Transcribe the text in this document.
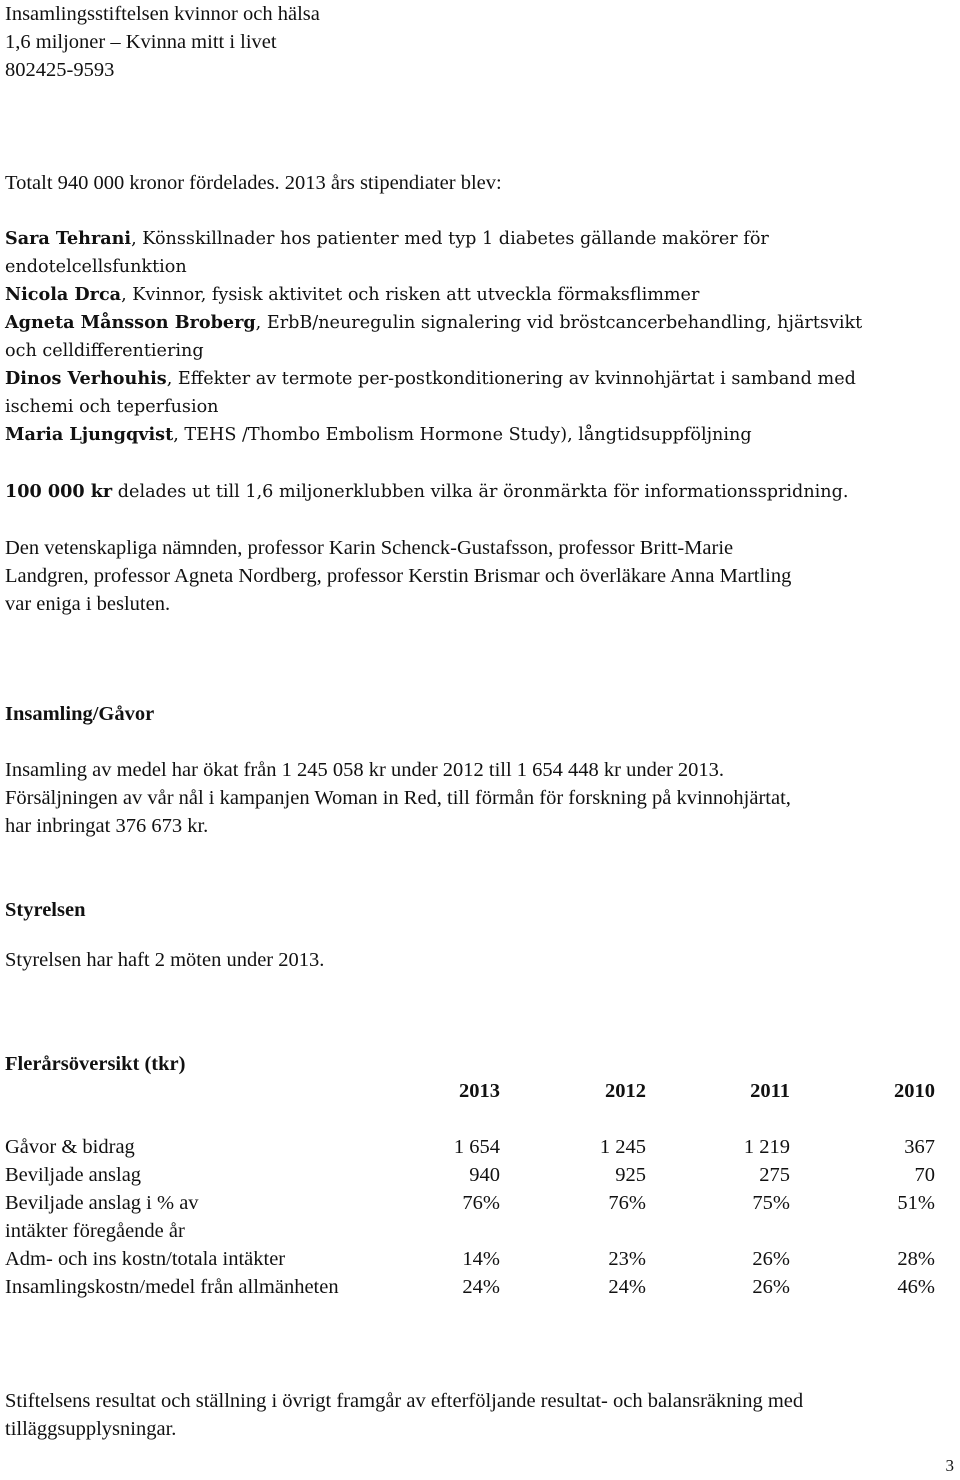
Insamlingsstiftelsen kvinnor och hälsa
1,6 miljoner – Kvinna mitt i livet
802425-9593
Totalt 940 000 kronor fördelades. 2013 års stipendiater blev:
Sara Tehrani, Könsskillnader hos patienter med typ 1 diabetes gällande makörer för
endotelcellsfunktion
Nicola Drca, Kvinnor, fysisk aktivitet och risken att utveckla förmaksflimmer
Agneta Månsson Broberg, ErbB/neuregulin signalering vid bröstcancerbehandling, hjärtsvikt
och celldifferentiering
Dinos Verhouhis, Effekter av termote per-postkonditionering av kvinnohjärtat i samband med
ischemi och teperfusion
Maria Ljungqvist, TEHS /Thombo Embolism Hormone Study), långtidsuppföljning
100 000 kr delades ut till 1,6 miljonerklubben vilka är öronmärkta för informationsspridning.
Den vetenskapliga nämnden, professor Karin Schenck-Gustafsson, professor Britt-Marie
Landgren, professor Agneta Nordberg, professor Kerstin Brismar och överläkare Anna Martling
var eniga i besluten.
Insamling/Gåvor
Insamling av medel har ökat från 1 245 058 kr under 2012 till 1 654 448 kr under 2013.
Försäljningen av vår nål i kampanjen Woman in Red, till förmån för forskning på kvinnohjärtat,
har inbringat 376 673 kr.
Styrelsen
Styrelsen har haft 2 möten under 2013.
Flerårsöversikt (tkr)
	2013	2012	2011	2010

Gåvor & bidrag	1 654	1 245	1 219	367
Beviljade anslag	940	925	275	70
Beviljade anslag i % av	76%	76%	75%	51%
intäkter föregående år				
Adm- och ins kostn/totala intäkter	14%	23%	26%	28%
Insamlingskostn/medel från allmänheten	24%	24%	26%	46%
Stiftelsens resultat och ställning i övrigt framgår av efterföljande resultat- och balansräkning med
tilläggsupplysningar.
3
